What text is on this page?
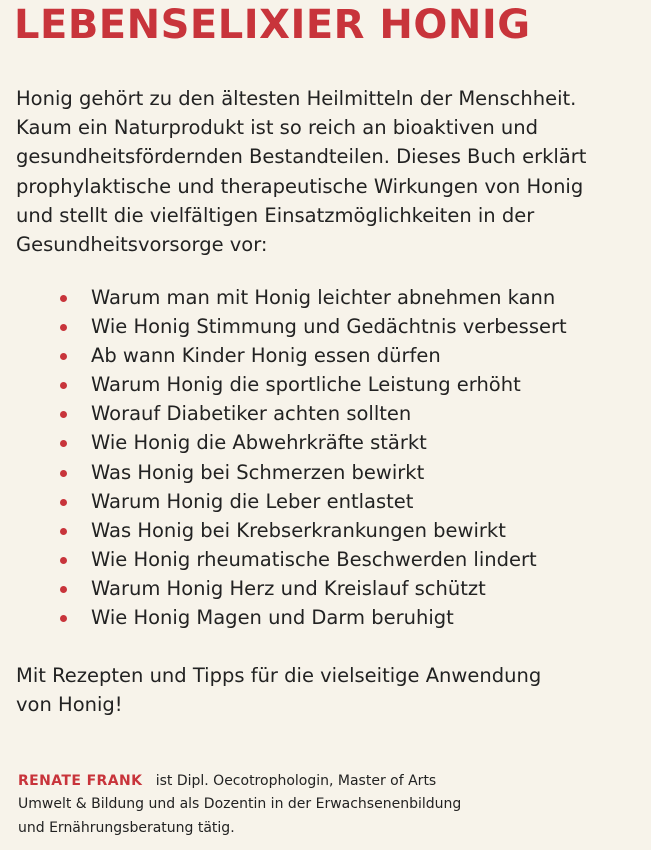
LEBENSELIXIER HONIG

Honig gehört zu den ältesten Heilmitteln der Menschheit.
Kaum ein Naturprodukt ist so reich an bioaktiven und
gesundheitsfördernden Bestandteilen. Dieses Buch erklärt
prophylaktische und therapeutische Wirkungen von Honig
und stellt die vielfältigen Einsatzmöglichkeiten in der
Gesundheitsvorsorge vor:

Warum man mit Honig leichter abnehmen kann
Wie Honig Stimmung und Gedächtnis verbessert
Ab wann Kinder Honig essen dürfen
Warum Honig die sportliche Leistung erhöht
Worauf Diabetiker achten sollten
Wie Honig die Abwehrkräfte stärkt
Was Honig bei Schmerzen bewirkt
Warum Honig die Leber entlastet
Was Honig bei Krebserkrankungen bewirkt
Wie Honig rheumatische Beschwerden lindert
Warum Honig Herz und Kreislauf schützt
Wie Honig Magen und Darm beruhigt

Mit Rezepten und Tipps für die vielseitige Anwendung
von Honig!

RENATE FRANK ist Dipl. Oecotrophologin, Master of Arts
Umwelt & Bildung und als Dozentin in der Erwachsenenbildung
und Ernährungsberatung tätig.
